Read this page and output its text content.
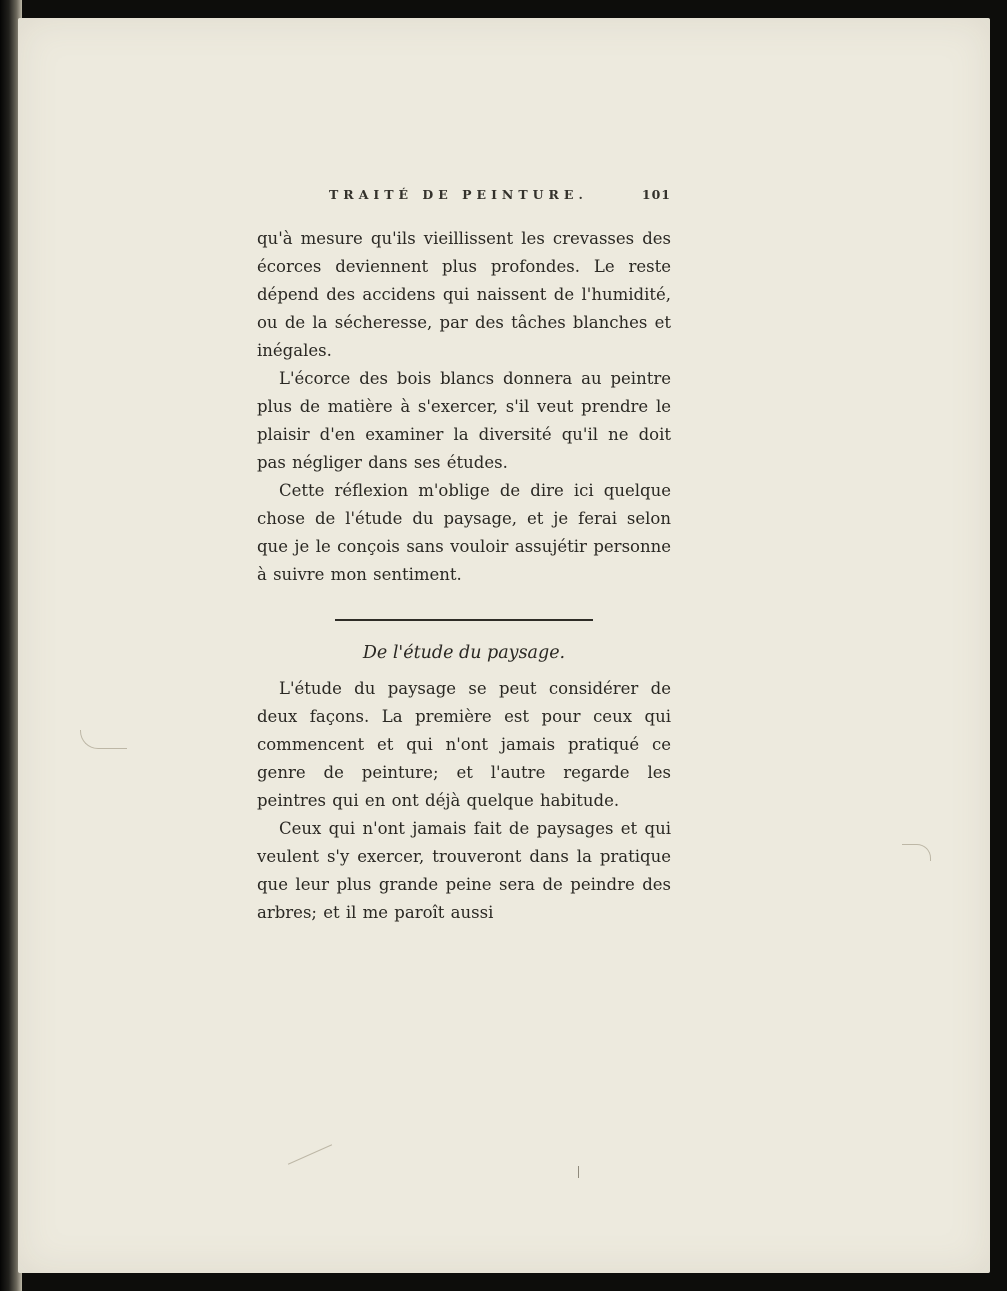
TRAITÉ DE PEINTURE.	101

qu'à mesure qu'ils vieillissent les crevasses des écorces deviennent plus profondes. Le reste dépend des accidens qui naissent de l'humidité, ou de la sécheresse, par des tâches blanches et inégales.

L'écorce des bois blancs donnera au peintre plus de matière à s'exercer, s'il veut prendre le plaisir d'en examiner la diversité qu'il ne doit pas négliger dans ses études.

Cette réflexion m'oblige de dire ici quelque chose de l'étude du paysage, et je ferai selon que je le conçois sans vouloir assujétir personne à suivre mon sentiment.

De l'étude du paysage.

L'étude du paysage se peut considérer de deux façons. La première est pour ceux qui commencent et qui n'ont jamais pratiqué ce genre de peinture; et l'autre regarde les peintres qui en ont déjà quelque habitude.

Ceux qui n'ont jamais fait de paysages et qui veulent s'y exercer, trouveront dans la pratique que leur plus grande peine sera de peindre des arbres; et il me paroît aussi
